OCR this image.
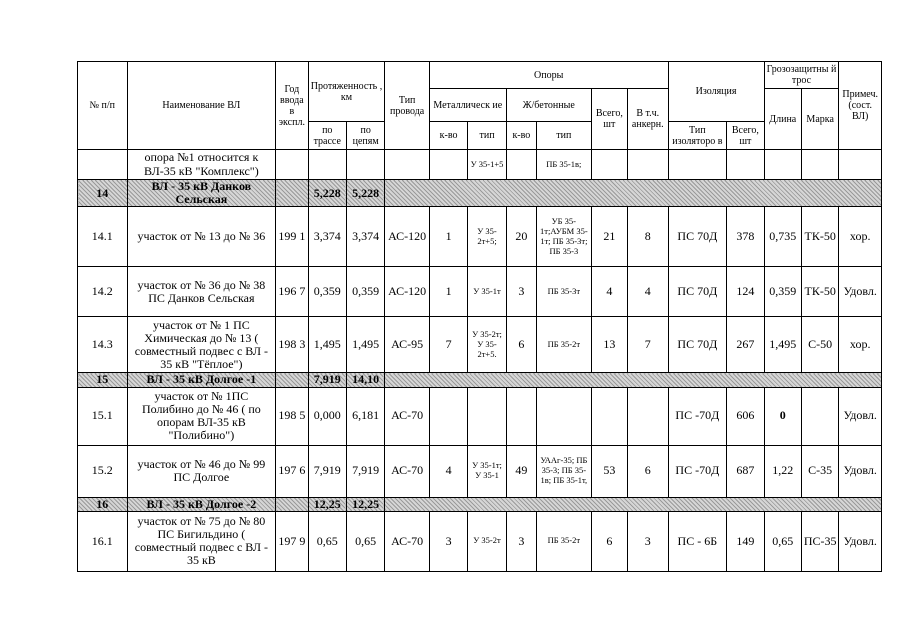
№ п/п	Наименование ВЛ	Год ввода в экспл.	Протяженность , км		Тип провода	Опоры						Изоляция		Грозозащитны й трос		Примеч. (сост. ВЛ)
						Металлическ ие		Ж/бетонные		Всего, шт	В т.ч. анкерн.			Длина	Марка	
			по трассе	по цепям		к-во	тип	к-во	тип			Тип изоляторо в	Всего, шт			
	опора №1 относится к ВЛ-35 кВ "Комплекс")						У 35-1+5		ПБ 35-1в;							
14	ВЛ - 35 кВ Данков Сельская		5,228	5,228												
14.1	участок от № 13 до № 36	199 1	3,374	3,374	АС-120	1	У 35-2т+5;	20	УБ 35-1т;АУБМ 35-1т; ПБ 35-3т; ПБ 35-3	21	8	ПС 70Д	378	0,735	ТК-50	хор.
14.2	участок от № 36 до № 38 ПС Данков Сельская	196 7	0,359	0,359	АС-120	1	У 35-1т	3	ПБ 35-3т	4	4	ПС 70Д	124	0,359	ТК-50	Удовл.
14.3	участок от № 1 ПС Химическая до № 13 ( совместный подвес с ВЛ - 35 кВ "Тёплое")	198 3	1,495	1,495	АС-95	7	У 35-2т; У 35-2т+5.	6	ПБ 35-2т	13	7	ПС 70Д	267	1,495	С-50	хор.
15	ВЛ - 35 кВ Долгое -1		7,919	14,10												
15.1	участок от № 1ПС Полибино до № 46 ( по опорам ВЛ-35 кВ "Полибино")	198 5	0,000	6,181	АС-70							ПС -70Д	606	0		Удовл.
15.2	участок от № 46 до № 99 ПС Долгое	197 6	7,919	7,919	АС-70	4	У 35-1т; У 35-1	49	УААг-35; ПБ 35-3; ПБ 35-1в; ПБ 35-1т,	53	6	ПС -70Д	687	1,22	С-35	Удовл.
16	ВЛ - 35 кВ Долгое -2		12,25	12,25												
16.1	участок от № 75 до № 80 ПС Бигильдино ( совместный подвес с ВЛ - 35 кВ	197 9	0,65	0,65	АС-70	3	У 35-2т	3	ПБ 35-2т	6	3	ПС - 6Б	149	0,65	ПС-35	Удовл.
